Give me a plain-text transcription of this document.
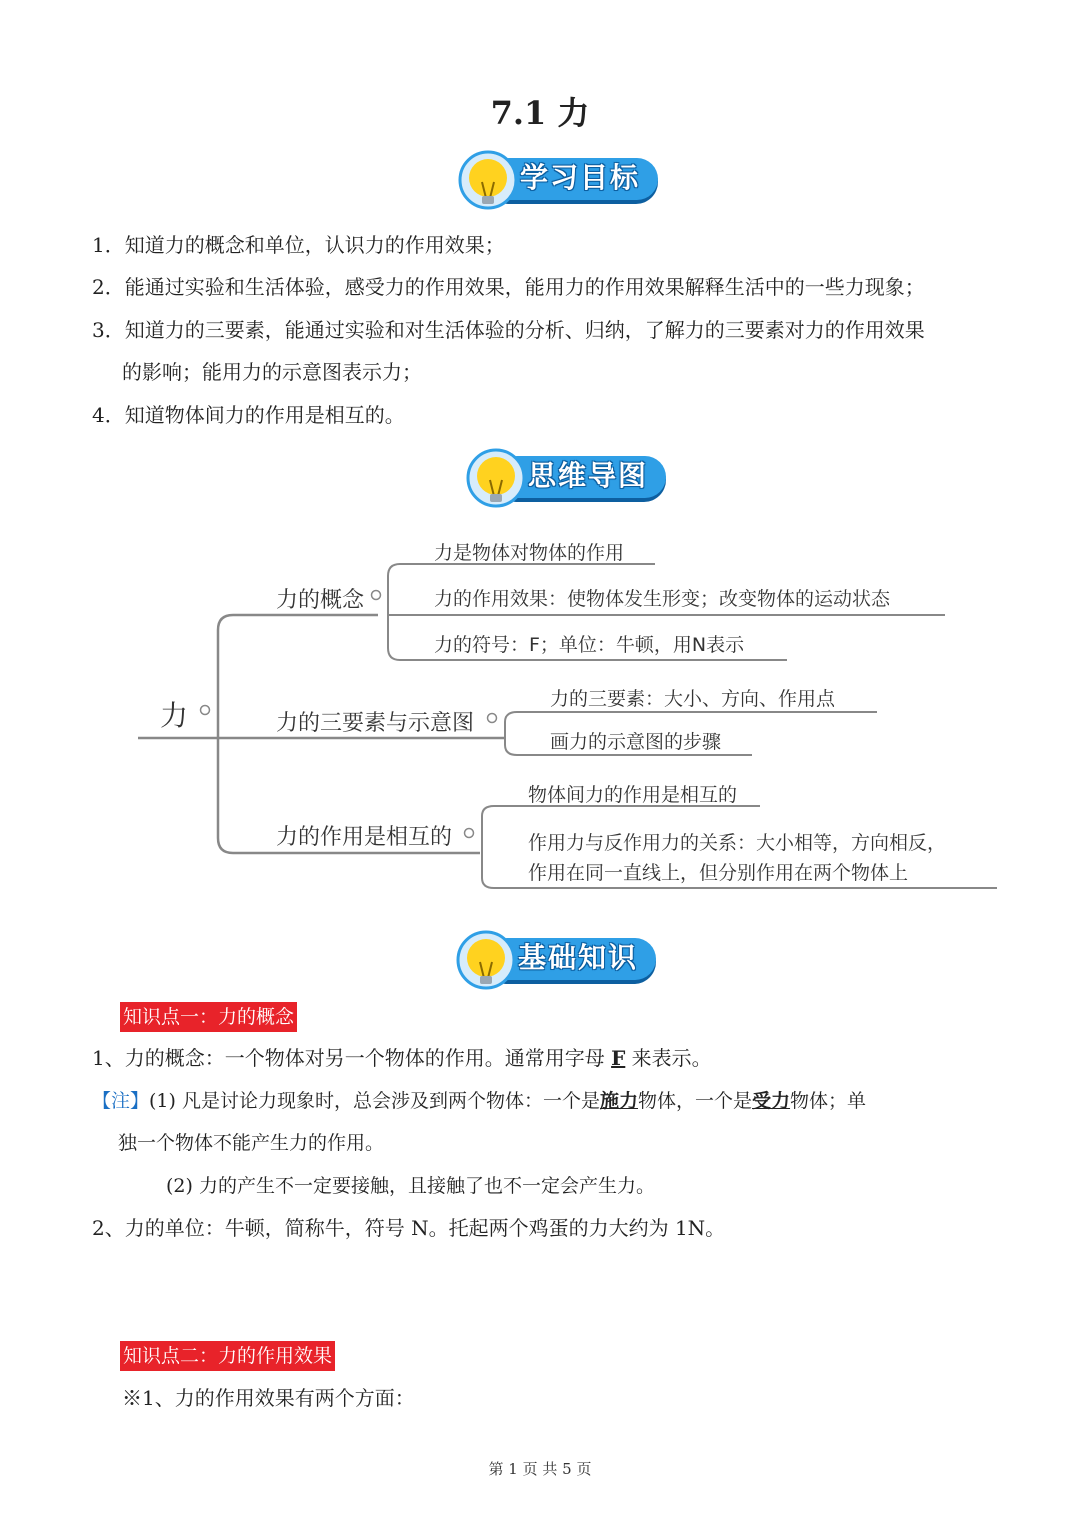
7.1 力
学习目标
1．知道力的概念和单位，认识力的作用效果；
2．能通过实验和生活体验，感受力的作用效果，能用力的作用效果解释生活中的一些力现象；
3．知道力的三要素，能通过实验和对生活体验的分析、归纳，了解力的三要素对力的作用效果
的影响；能用力的示意图表示力；
4．知道物体间力的作用是相互的。
思维导图
力
力的概念
力是物体对物体的作用
力的作用效果：使物体发生形变；改变物体的运动状态
力的符号：F；单位：牛顿，用N表示
力的三要素与示意图
力的三要素：大小、方向、作用点
画力的示意图的步骤
力的作用是相互的
物体间力的作用是相互的
作用力与反作用力的关系：大小相等，方向相反，
作用在同一直线上，但分别作用在两个物体上
基础知识
知识点一：力的概念
1、力的概念：一个物体对另一个物体的作用。通常用字母 F 来表示。
【注】(1) 凡是讨论力现象时，总会涉及到两个物体：一个是施力物体，一个是受力物体；单
独一个物体不能产生力的作用。
(2) 力的产生不一定要接触，且接触了也不一定会产生力。
2、力的单位：牛顿，简称牛，符号 N。托起两个鸡蛋的力大约为 1N。
知识点二：力的作用效果
※1、力的作用效果有两个方面：
第 1 页 共 5 页
